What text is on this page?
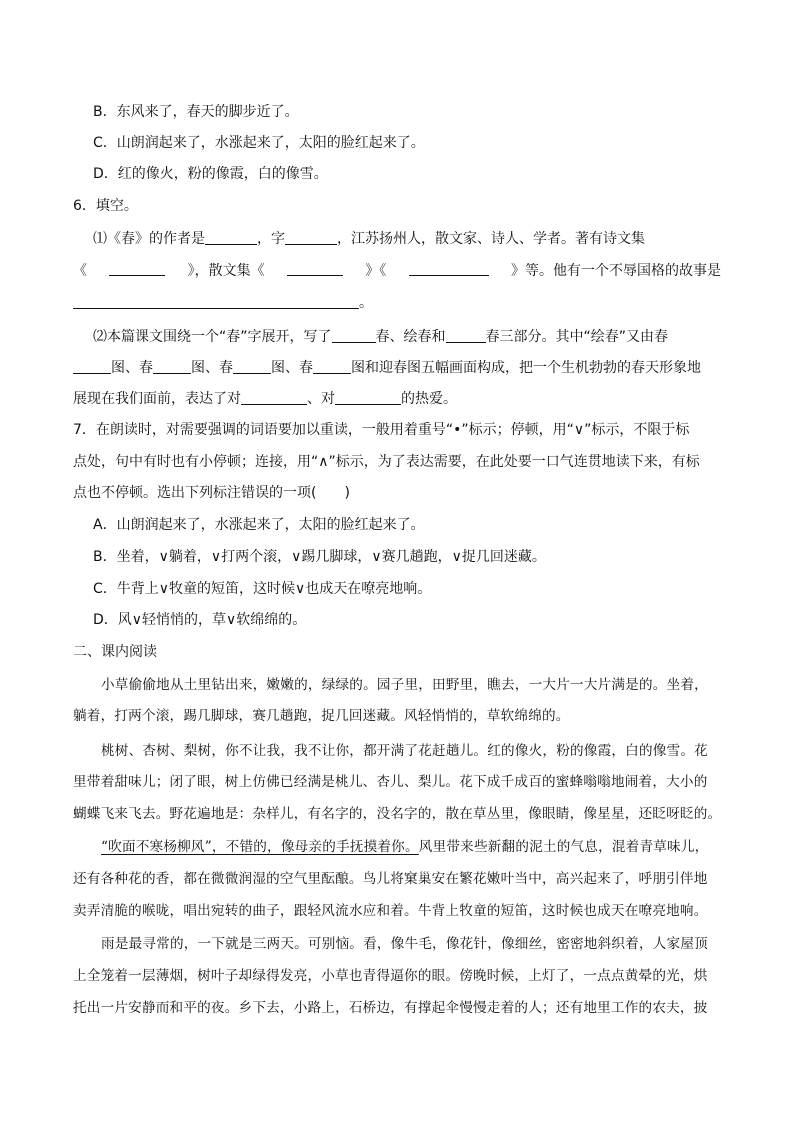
B．东风来了，春天的脚步近了。
C．山朗润起来了，水涨起来了，太阳的脸红起来了。
D．红的像火，粉的像霞，白的像雪。
6．填空。
⑴《春》的作者是	，字	，江苏扬州人，散文家、诗人、学者。著有诗文集
《	》，散文集《	》《	》等。他有一个不辱国格的故事是
。
⑵本篇课文围绕一个“春”字展开，写了	春、绘春和	春三部分。其中“绘春”又由春
图、春	图、春	图、春	图和迎春图五幅画面构成，把一个生机勃勃的春天形象地
展现在我们面前，表达了对	、对	的热爱。
7．在朗读时，对需要强调的词语要加以重读，一般用着重号“•”标示；停顿，用“∨”标示，不限于标
点处，句中有时也有小停顿；连接，用“∧”标示，为了表达需要，在此处要一口气连贯地读下来，有标
点也不停顿。选出下列标注错误的一项(　　)
A．山朗润起来了，水涨起来了，太阳的脸红起来了。
B．坐着，∨躺着，∨打两个滚，∨踢几脚球，∨赛几趟跑，∨捉几回迷藏。
C．牛背上∨牧童的短笛，这时候∨也成天在嘹亮地响。
D．风∨轻悄悄的，草∨软绵绵的。
二、课内阅读
小草偷偷地从土里钻出来，嫩嫩的，绿绿的。园子里，田野里，瞧去，一大片一大片满是的。坐着，
躺着，打两个滚，踢几脚球，赛几趟跑，捉几回迷藏。风轻悄悄的，草软绵绵的。
桃树、杏树、梨树，你不让我，我不让你，都开满了花赶趟儿。红的像火，粉的像霞，白的像雪。花
里带着甜味儿；闭了眼，树上仿佛已经满是桃儿、杏儿、梨儿。花下成千成百的蜜蜂嗡嗡地闹着，大小的
蝴蝶飞来飞去。野花遍地是：杂样儿，有名字的，没名字的，散在草丛里，像眼睛，像星星，还眨呀眨的。
“吹面不寒杨柳风”，不错的，像母亲的手抚摸着你。风里带来些新翻的泥土的气息，混着青草味儿，
还有各种花的香，都在微微润湿的空气里酝酿。鸟儿将窠巢安在繁花嫩叶当中，高兴起来了，呼朋引伴地
卖弄清脆的喉咙，唱出宛转的曲子，跟轻风流水应和着。牛背上牧童的短笛，这时候也成天在嘹亮地响。
雨是最寻常的，一下就是三两天。可别恼。看，像牛毛，像花针，像细丝，密密地斜织着，人家屋顶
上全笼着一层薄烟，树叶子却绿得发亮，小草也青得逼你的眼。傍晚时候，上灯了，一点点黄晕的光，烘
托出一片安静而和平的夜。乡下去，小路上，石桥边，有撑起伞慢慢走着的人；还有地里工作的农夫，披
